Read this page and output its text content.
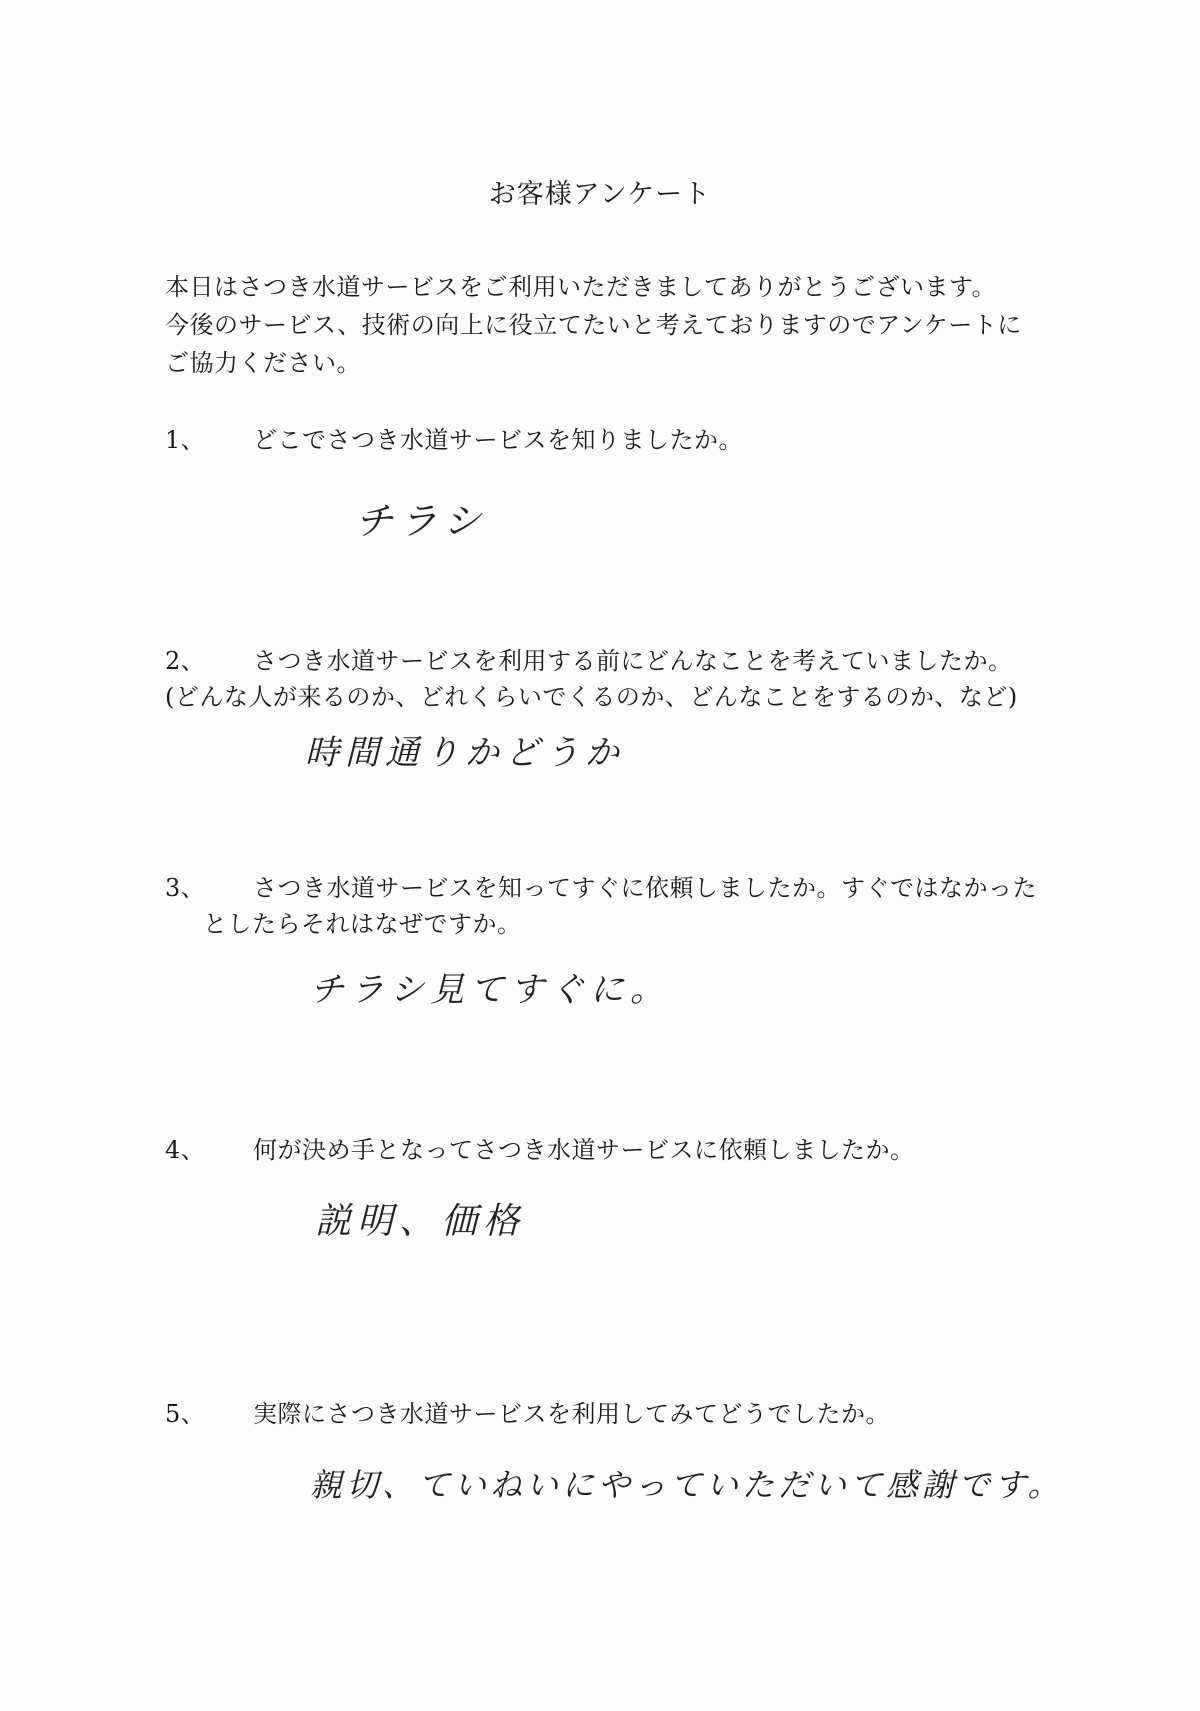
お客様アンケート
本日はさつき水道サービスをご利用いただきましてありがとうございます。
今後のサービス、技術の向上に役立てたいと考えておりますのでアンケートに
ご協力ください。
1、 どこでさつき水道サービスを知りましたか。
チラシ
2、 さつき水道サービスを利用する前にどんなことを考えていましたか。
(どんな人が来るのか、どれくらいでくるのか、どんなことをするのか、など)
時間通りかどうか
3、 さつき水道サービスを知ってすぐに依頼しましたか。すぐではなかった
としたらそれはなぜですか。
チラシ見てすぐに。
4、 何が決め手となってさつき水道サービスに依頼しましたか。
説明、価格
5、 実際にさつき水道サービスを利用してみてどうでしたか。
親切、ていねいにやっていただいて感謝です。
